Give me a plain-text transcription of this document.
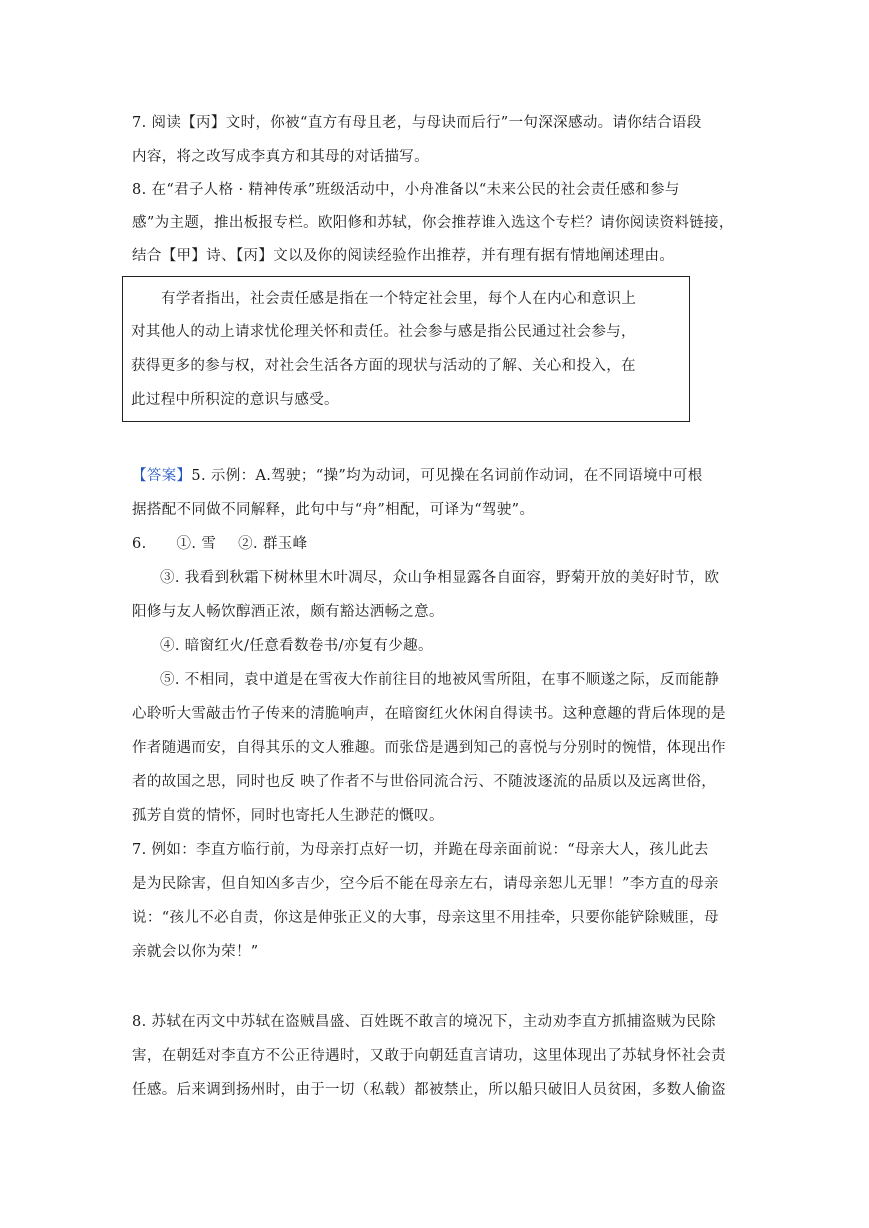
7. 阅读【丙】文时，你被“直方有母且老，与母诀而后行”一句深深感动。请你结合语段
内容，将之改写成李真方和其母的对话描写。
8. 在“君子人格 · 精神传承”班级活动中，小舟准备以“未来公民的社会责任感和参与
感”为主题，推出板报专栏。欧阳修和苏轼，你会推荐谁入选这个专栏？请你阅读资料链接，
结合【甲】诗、【丙】文以及你的阅读经验作出推荐，并有理有据有情地阐述理由。
有学者指出，社会责任感是指在一个特定社会里，每个人在内心和意识上
对其他人的动上请求忧伦理关怀和责任。社会参与感是指公民通过社会参与，
获得更多的参与权，对社会生活各方面的现状与活动的了解、关心和投入，在
此过程中所积淀的意识与感受。
【答案】5. 示例：A.驾驶；“操”均为动词，可见操在名词前作动词，在不同语境中可根
据搭配不同做不同解释，此句中与“舟”相配，可译为“驾驶”。
6. ①. 雪 ②. 群玉峰
③. 我看到秋霜下树林里木叶凋尽，众山争相显露各自面容，野菊开放的美好时节，欧
阳修与友人畅饮醇酒正浓，颇有豁达洒畅之意。
④. 暗窗红火/任意看数卷书/亦复有少趣。
⑤. 不相同，袁中道是在雪夜大作前往目的地被风雪所阻，在事不顺遂之际，反而能静
心聆听大雪敲击竹子传来的清脆响声，在暗窗红火休闲自得读书。这种意趣的背后体现的是
作者随遇而安，自得其乐的文人雅趣。而张岱是遇到知己的喜悦与分别时的惋惜，体现出作
者的故国之思，同时也反 映了作者不与世俗同流合污、不随波逐流的品质以及远离世俗，
孤芳自赏的情怀，同时也寄托人生渺茫的慨叹。
7. 例如：李直方临行前，为母亲打点好一切，并跪在母亲面前说：“母亲大人，孩儿此去
是为民除害，但自知凶多吉少，空今后不能在母亲左右，请母亲恕儿无罪！”李方直的母亲
说：“孩儿不必自责，你这是伸张正义的大事，母亲这里不用挂牵，只要你能铲除贼匪，母
亲就会以你为荣！”
8. 苏轼在丙文中苏轼在盗贼昌盛、百姓既不敢言的境况下，主动劝李直方抓捕盗贼为民除
害，在朝廷对李直方不公正待遇时，又敢于向朝廷直言请功，这里体现出了苏轼身怀社会责
任感。后来调到扬州时，由于一切（私载）都被禁止，所以船只破旧人员贫困，多数人偷盗
